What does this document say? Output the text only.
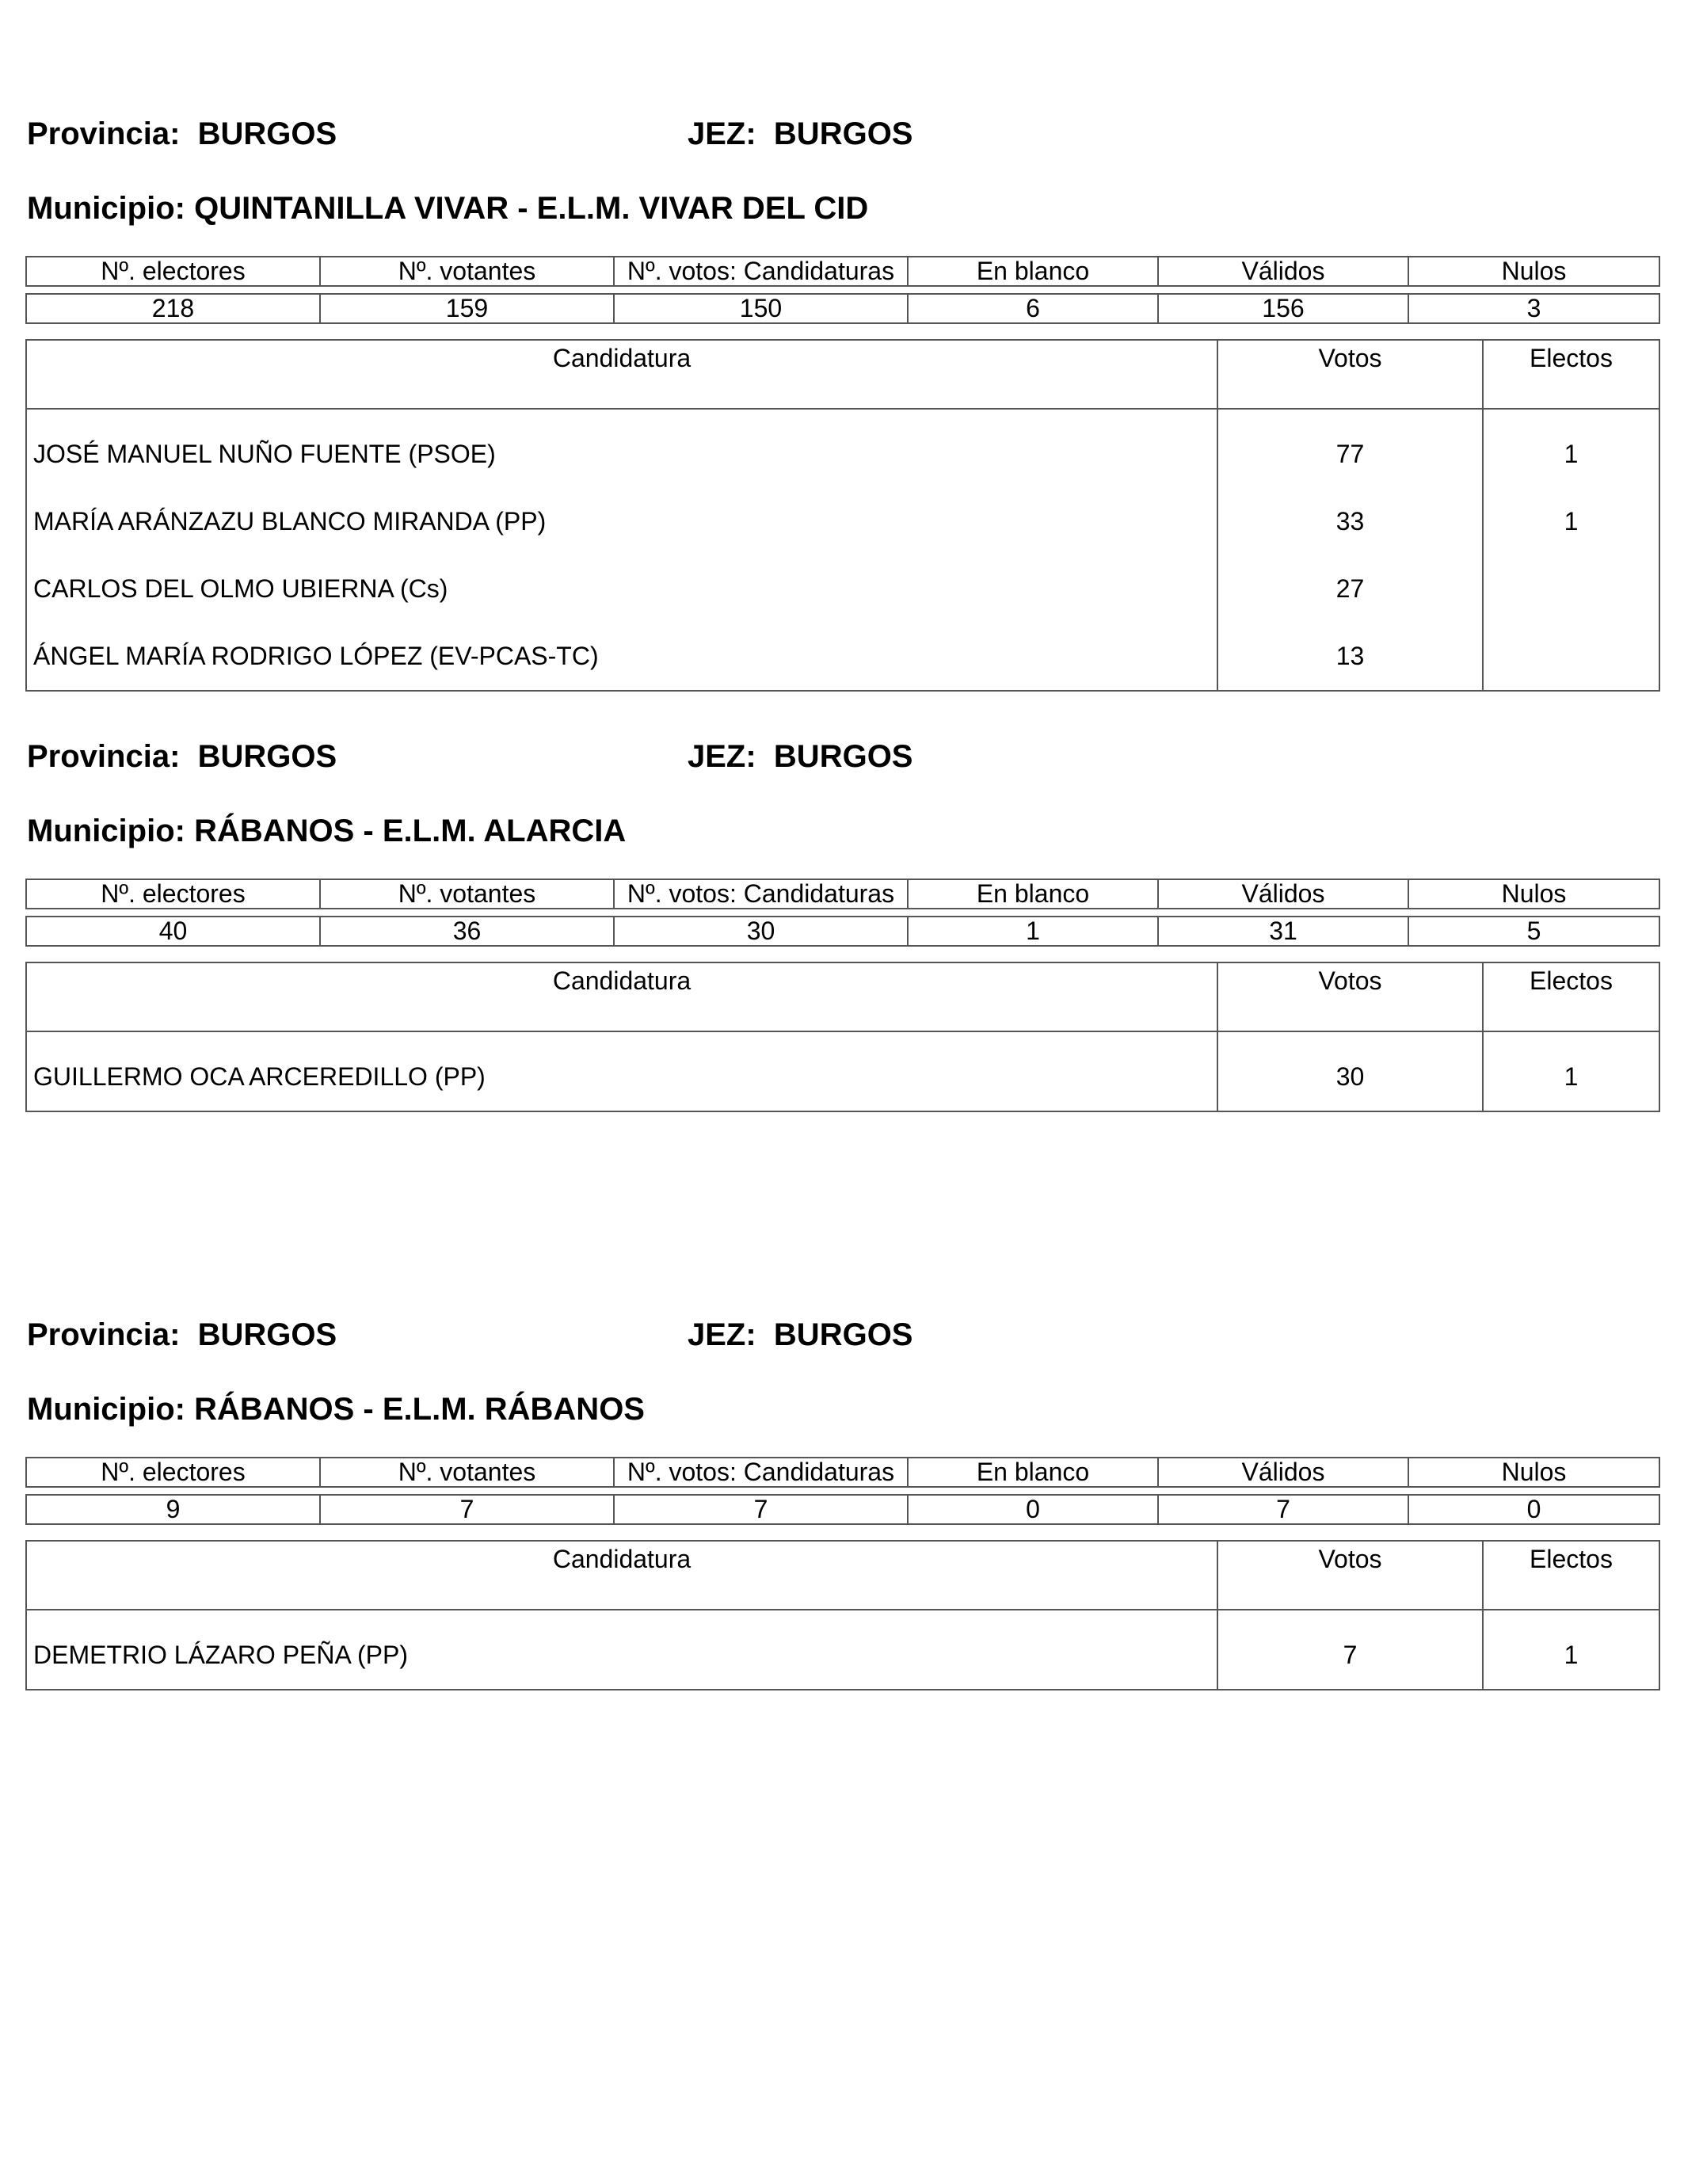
Provincia: BURGOS	JEZ: BURGOS
Municipio: QUINTANILLA VIVAR - E.L.M. VIVAR DEL CID
Nº. electores	Nº. votantes	Nº. votos: Candidaturas	En blanco	Válidos	Nulos

218	159	150	6	156	3
Candidatura	Votos	Electos

JOSÉ MANUEL NUÑO FUENTE (PSOE)	77	1
MARÍA ARÁNZAZU BLANCO MIRANDA (PP)	33	1
CARLOS DEL OLMO UBIERNA (Cs)	27	
ÁNGEL MARÍA RODRIGO LÓPEZ (EV-PCAS-TC)	13	
Provincia: BURGOS	JEZ: BURGOS
Municipio: RÁBANOS - E.L.M. ALARCIA
Nº. electores	Nº. votantes	Nº. votos: Candidaturas	En blanco	Válidos	Nulos

40	36	30	1	31	5
Candidatura	Votos	Electos

GUILLERMO OCA ARCEREDILLO (PP)	30	1
Provincia: BURGOS	JEZ: BURGOS
Municipio: RÁBANOS - E.L.M. RÁBANOS
Nº. electores	Nº. votantes	Nº. votos: Candidaturas	En blanco	Válidos	Nulos

9	7	7	0	7	0
Candidatura	Votos	Electos

DEMETRIO LÁZARO PEÑA (PP)	7	1
